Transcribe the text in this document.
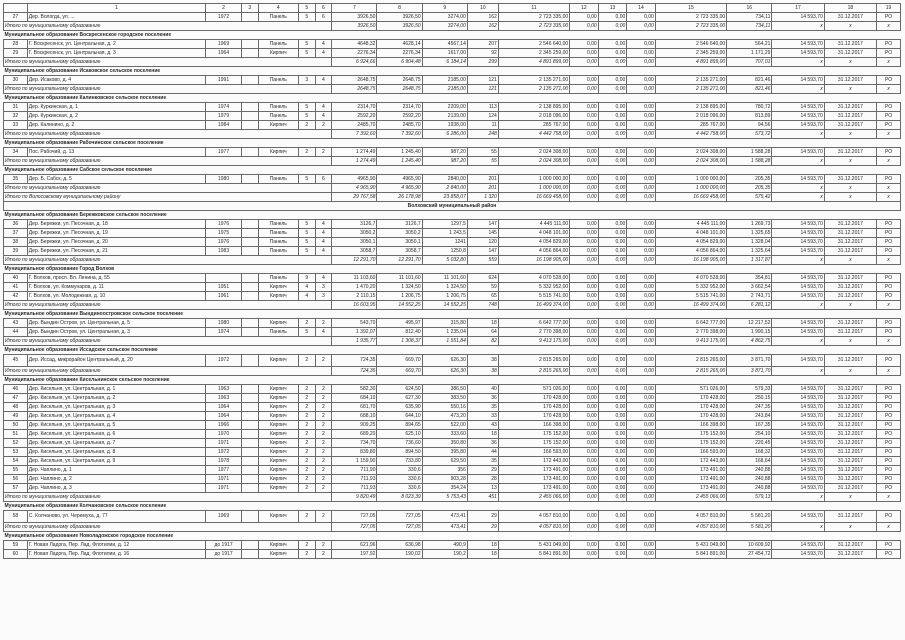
	1	2	3	4	5	6	7	8	9	10	11	12	13	14	15	16	17	18	19
27	Дер. Вологда, ул. ...	1972		Панель	5	6	3926,50	3926,50	3274,00	162	2 723 335,00	0,00	0,00	0,00	2 723 335,00	734,11	14 593,70	31.12.2017	РО
Итого по муниципальному образованию							3926,50	3926,50	3274,00	162	2 723 335,00	0,00	0,00	0,00	2 723 335,00	734,11	х	х	х
Муниципальное образование Воскресенское городское поселение																			
28	Г. Воскресенск, ул. Центральная, д. 2	1969		Панель	5	4	4648,32	4628,14	4567,14	207	2 546 640,00	0,00	0,00	0,00	2 546 640,00	564,21	14 593,70	31.12.2017	РО
29	Г. Воскресенск, ул. Центральная, д. 3	1964		Кирпич	5	4	2276,34	2276,34	1617,00	92	2 345 259,00	0,00	0,00	0,00	2 345 259,00	1 171,29	14 593,70	31.12.2017	РО
Итого по муниципальному образованию							6 924,66	6 904,48	6 184,14	299	4 891 899,00	0,00	0,00	0,00	4 891 899,00	707,01	х	х	х
Муниципальное образование Исаковское сельское поселение																			
30	Дер. Исаково, д. 4	1991		Панель	3	4	2648,75	2648,75	2185,00	121	2 135 271,00	0,00	0,00	0,00	2 135 271,00	821,46	14 593,70	31.12.2017	РО
Итого по муниципальному образованию							2648,75	2648,75	2185,00	121	2 135 271,00	0,00	0,00	0,00	2 135 271,00	821,46	х	х	х
Муниципальное образование Калинковское сельское поселение																			
31	Дер. Куркинская, д. 1	1974		Панель	5	4	2314,70	2314,70	2209,00	113	2 138 895,00	0,00	0,00	0,00	2 138 895,00	780,72	14 593,70	31.12.2017	РО
32	Дер. Куркинская, д. 2	1979		Панель	5	4	2592,20	2592,20	2139,00	124	2 018 096,00	0,00	0,00	0,00	2 018 096,00	813,89	14 593,70	31.12.2017	РО
33	Дер. Калинино, д. 2	1984		Кирпич	2	2	2485,70	2485,70	1938,00	11	285 767,00	0,00	0,00	0,00	285 767,00	94,56	14 593,70	31.12.2017	РО
Итого по муниципальному образованию							7 392,60	7 392,60	6 286,00	248	4 442 758,00	0,00	0,00	0,00	4 442 758,00	573,72	х	х	х
Муниципальное образование Рабочинское сельское поселение																			
34	Пос. Рабочий, д. 13	1977		Кирпич	2	2	1 274,49	1 245,40	987,20	55	2 024 308,00	0,00	0,00	0,00	2 024 308,00	1 588,28	14 593,70	31.12.2017	РО
Итого по муниципальному образованию							1 274,49	1 245,40	987,20	55	2 024 308,00	0,00	0,00	0,00	2 024 308,00	1 588,28	х	х	х
Муниципальное образование Сабское сельское поселение																			
35	Дер. Б. Сабск, д. 5	1980		Панель	5	6	4965,90	4965,90	2840,00	201	1 000 000,00	0,00	0,00	0,00	1 000 000,00	205,35	14 593,70	31.12.2017	РО
Итого по муниципальному образованию							4 965,90	4 965,90	2 840,00	201	1 000 000,00	0,00	0,00	0,00	1 000 000,00	205,35	х	х	х
Итого по Волосовскому муниципальному району							29 767,58	26 178,98	23 858,07	1 320	16 669 458,00	0,00	0,00	0,00	16 669 458,00	575,42	х	х	х
Волховский муниципальный район																			
Муниципальное образование Бережковское сельское поселение																			
36	Дер. Бережки, ул. Песочная, д. 18	1976		Панель	5	4	3126,7	3126,7	1297,5	147	4 445 111,00	0,00	0,00	0,00	4 445 111,00	1 269,73	14 593,70	31.12.2017	РО
37	Дер. Бережки, ул. Песочная, д. 19	1975		Панель	5	4	3050,2	3050,2	1 243,5	145	4 048 101,00	0,00	0,00	0,00	4 048 101,00	1 325,65	14 593,70	31.12.2017	РО
38	Дер. Бережки, ул. Песочная, д. 20	1976		Панель	5	4	3050,1	3050,1	1241	120	4 054 829,00	0,00	0,00	0,00	4 054 829,00	1 328,04	14 593,70	31.12.2017	РО
39	Дер. Бережки, ул. Песочная, д. 21	1983		Панель	5	4	3058,7	3058,7	1250,8	147	4 056 864,00	0,00	0,00	0,00	4 056 864,00	1 325,64	14 593,70	31.12.2017	РО
Итого по муниципальному образованию							12 291,70	12 291,70	5 032,80	559	16 198 905,00	0,00	0,00	0,00	16 198 905,00	1 317,87	х	х	х
Муниципальное образование Город Волхов																			
40	Г. Волхов, просп. Вл. Ленина, д. 55			Панель	9	4	11 103,60	11 101,60	11 101,60	624	4 070 528,00	0,00	0,00	0,00	4 070 528,00	354,81	14 593,70	31.12.2017	РО
41	Г. Волхов, ул. Коммунаров, д. 11	1951		Кирпич	4	3	1 470,20	1 324,50	1 324,50	59	5 332 952,00	0,00	0,00	0,00	5 332 952,00	3 662,54	14 593,70	31.12.2017	РО
42	Г. Волхов, ул. Молодежная, д. 10	1961		Кирпич	4	3	2 110,15	1 206,75	1 206,75	65	5 515 741,00	0,00	0,00	0,00	5 515 741,00	2 743,71	14 593,70	31.12.2017	РО
Итого по муниципальному образованию							16 603,95	14 552,25	14 552,25	748	16 499 374,00	0,00	0,00	0,00	16 499 374,00	6 281,12	х	х	х
Муниципальное образование Вындиноостровское сельское поселение																			
43	Дер. Вындин Остров, ул. Центральная, д. 5	1980		Кирпич	2	2	543,70	495,97	315,80	18	6 642 777,00	0,00	0,00	0,00	6 642 777,00	12 217,52	14 593,70	31.12.2017	РО
44	Дер. Вындин Остров, ул. Центральная, д. 3	1974		Панель	5	4	1 392,07	812,40	1 235,04	64	2 770 398,00	0,00	0,00	0,00	2 770 398,00	1 990,15	14 593,70	31.12.2017	РО
Итого по муниципальному образованию							1 935,77	1 308,37	1 551,84	82	9 413 175,00	0,00	0,00	0,00	9 413 175,00	4 862,75	х	х	х
Муниципальное образование Иссадское сельское поселение																			
45	Дер. Иссад, микрорайон Центральный, д. 20	1972		Кирпич	2	2	724,35	669,70	626,30	38	2 815 265,00	0,00	0,00	0,00	2 815 265,00	3 871,70	14 593,70	31.12.2017	РО
Итого по муниципальному образованию							724,35	669,70	626,30	38	2 815 265,00	0,00	0,00	0,00	2 815 265,00	3 871,70	х	х	х
Муниципальное образование Кисельнинское сельское поселение																			
46	Дер. Кисельня, ул. Центральная, д. 1	1963		Кирпич	2	2	582,30	624,50	386,50	40	571 026,00	0,00	0,00	0,00	571 026,00	579,33	14 593,70	31.12.2017	РО
47	Дер. Кисельня, ул. Центральная, д. 2	1963		Кирпич	2	2	684,10	627,30	383,50	36	170 428,00	0,00	0,00	0,00	170 428,00	250,15	14 593,70	31.12.2017	РО
48	Дер. Кисельня, ул. Центральная, д. 3	1964		Кирпич	2	2	681,70	635,90	550,16	35	170 428,00	0,00	0,00	0,00	170 428,00	247,35	14 593,70	31.12.2017	РО
49	Дер. Кисельня, ул. Центральная, д. 4	1964		Кирпич	2	2	688,10	644,10	473,20	33	170 428,00	0,00	0,00	0,00	170 428,00	243,84	14 593,70	31.12.2017	РО
50	Дер. Кисельня, ул. Центральная, д. 5	1966		Кирпич	2	2	909,25	894,65	522,00	43	166 398,00	0,00	0,00	0,00	166 398,00	167,35	14 593,70	31.12.2017	РО
51	Дер. Кисельня, ул. Центральная, д. 6	1970		Кирпич	2	2	689,20	625,10	333,60	18	175 152,00	0,00	0,00	0,00	175 152,00	254,10	14 593,70	31.12.2017	РО
52	Дер. Кисельня, ул. Центральная, д. 7	1971		Кирпич	2	2	734,70	736,60	350,80	36	175 152,00	0,00	0,00	0,00	175 152,00	220,45	14 593,70	31.12.2017	РО
53	Дер. Кисельня, ул. Центральная, д. 8	1972		Кирпич	2	2	839,80	894,50	395,80	44	166 593,00	0,00	0,00	0,00	166 593,00	168,32	14 593,70	31.12.2017	РО
54	Дер. Кисельня, ул. Центральная, д. 9	1978		Кирпич	2	2	1 159,90	733,80	629,50	35	172 443,00	0,00	0,00	0,00	172 443,00	168,64	14 593,70	31.12.2017	РО
55	Дер. Чаплино, д. 1	1977		Кирпич	2	2	711,90	330,6	356	29	173 491,00	0,00	0,00	0,00	173 491,00	240,88	14 593,70	31.12.2017	РО
56	Дер. Чаплино, д. 2	1971		Кирпич	2	2	711,93	330,6	903,28	28	173 491,00	0,00	0,00	0,00	173 491,00	240,88	14 593,70	31.12.2017	РО
57	Дер. Чаплино, д. 3	1971		Кирпич	2	2	711,93	330,6	354,24	13	173 491,00	0,00	0,00	0,00	173 491,00	240,88	14 593,70	31.12.2017	РО
Итого по муниципальному образованию							9 820,49	8 023,39	5 753,43	451	2 455 066,00	0,00	0,00	0,00	2 455 066,00	579,13	х	х	х
Муниципальное образование Колчановское сельское поселение																			
58	С. Колчаново, ул. Черемуха, д. 77	1969		Кирпич	2	2	727,05	727,05	473,41	29	4 057 810,00	0,00	0,00	0,00	4 057 810,00	5 581,20	14 593,70	31.12.2017	РО
Итого по муниципальному образованию							727,05	727,05	473,41	29	4 057 810,00	0,00	0,00	0,00	4 057 810,00	5 581,20	х	х	х
Муниципальное образование Новоладожское городское поселение																			
59	Г. Новая Ладога, Пер. Лад. Флотилии, д. 12	до 1917		Кирпич	2	2	621,96	636,98	490,9	18	5 431 049,00	0,00	0,00	0,00	5 431 049,00	10 609,92	14 593,70	31.12.2017	РО
60	Г. Новая Ладога, Пер. Лад. Флотилии, д. 16	до 1917		Кирпич	2	2	197,92	190,02	190,2	18	5 841 891,00	0,00	0,00	0,00	5 841 891,00	27 454,72	14 593,70	31.12.2017	РО
